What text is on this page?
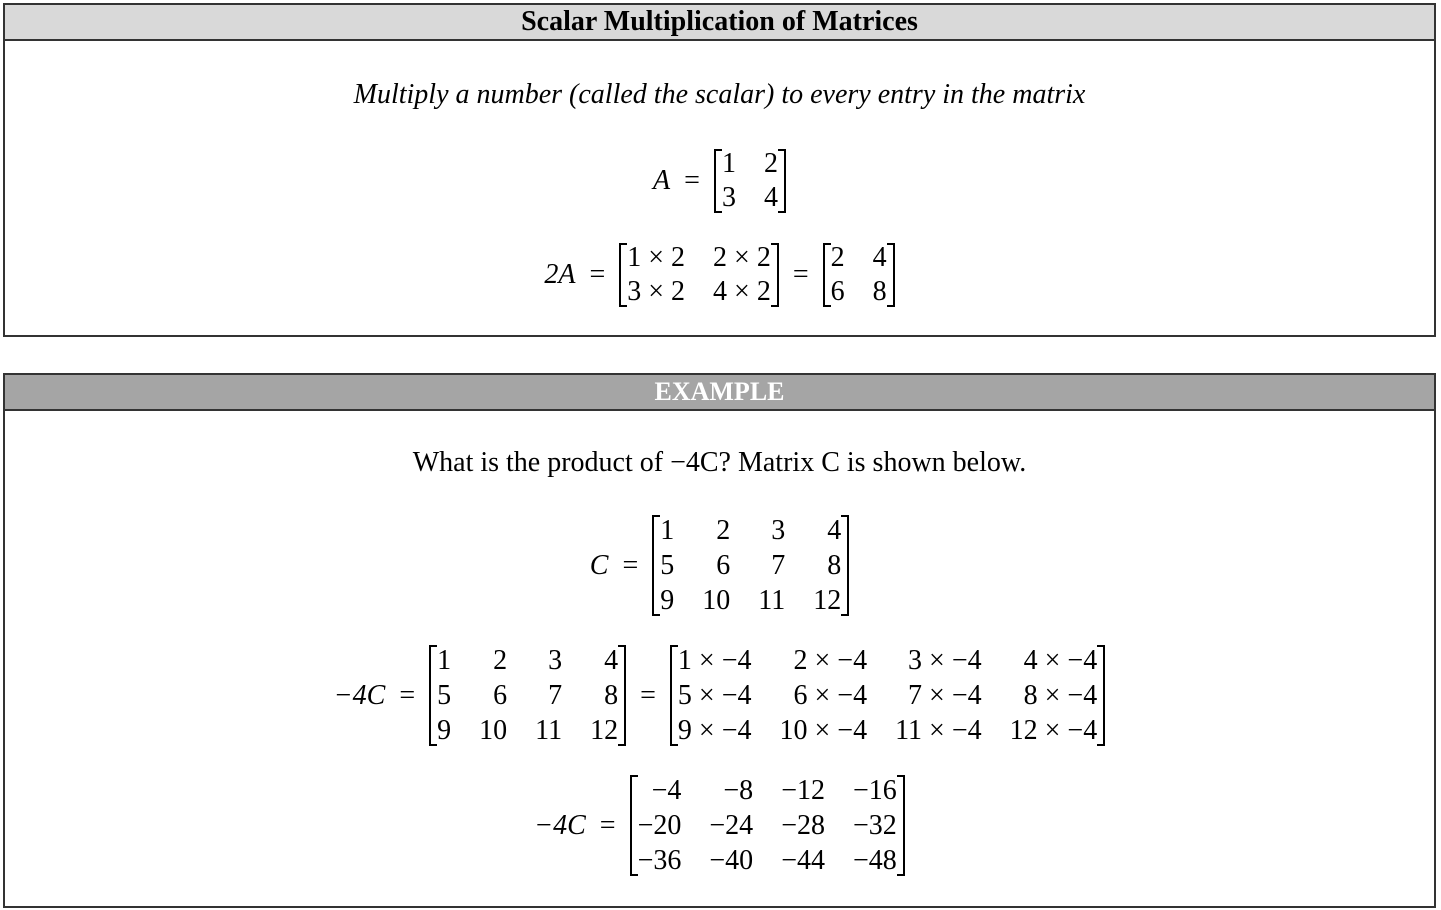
Scalar Multiplication of Matrices
Multiply a number (called the scalar) to every entry in the matrix
A =
1	2
3	4
2A =
1 × 2	2 × 2
3 × 2	4 × 2
=
2	4
6	8
EXAMPLE
What is the product of −4C? Matrix C is shown below.
C =
1	2	3	4
5	6	7	8
9	10	11	12
−4C =
1	2	3	4
5	6	7	8
9	10	11	12
=
1 × −4	2 × −4	3 × −4	4 × −4
5 × −4	6 × −4	7 × −4	8 × −4
9 × −4	10 × −4	11 × −4	12 × −4
−4C =
−4	−8	−12	−16
−20	−24	−28	−32
−36	−40	−44	−48
